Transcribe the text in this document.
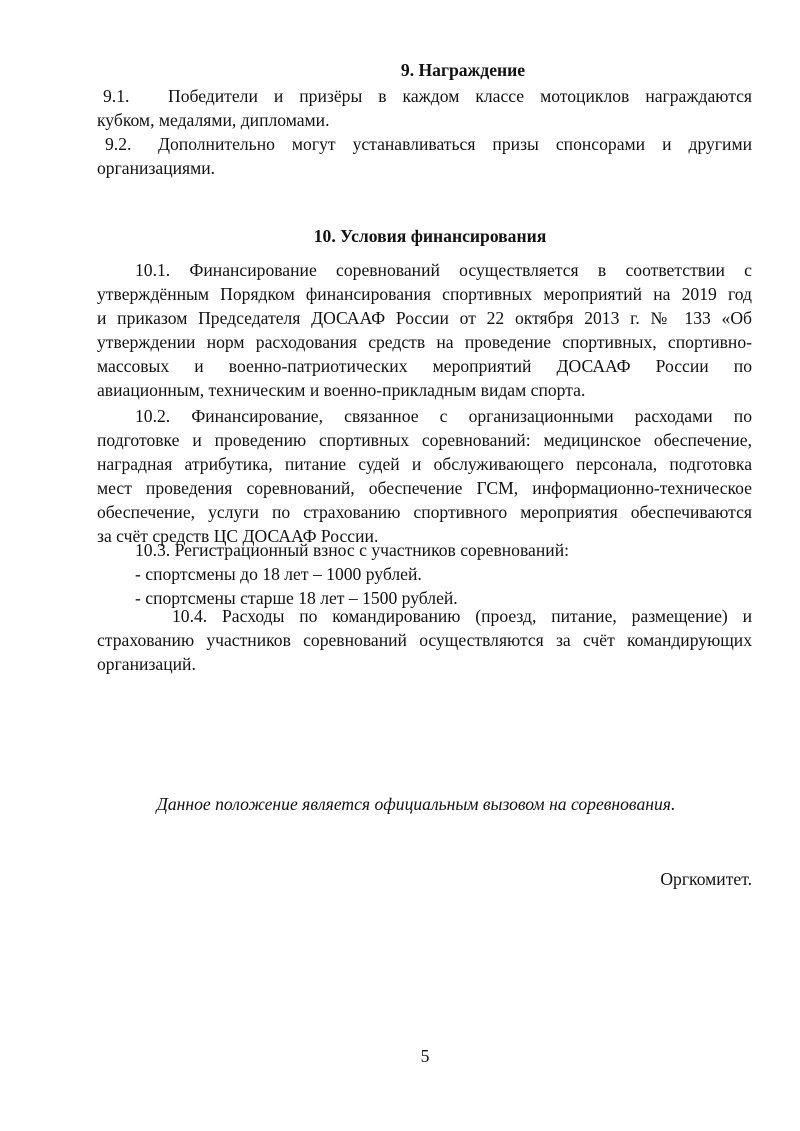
9. Награждение
9.1. Победители и призёры в каждом классе мотоциклов награждаются
кубком, медалями, дипломами.
9.2. Дополнительно могут устанавливаться призы спонсорами и другими
организациями.
10. Условия финансирования
10.1. Финансирование соревнований осуществляется в соответствии с
утверждённым Порядком финансирования спортивных мероприятий на 2019 год
и приказом Председателя ДОСААФ России от 22 октября 2013 г. № 133 «Об
утверждении норм расходования средств на проведение спортивных, спортивно-
массовых и военно-патриотических мероприятий ДОСААФ России по
авиационным, техническим и военно-прикладным видам спорта.
10.2. Финансирование, связанное с организационными расходами по
подготовке и проведению спортивных соревнований: медицинское обеспечение,
наградная атрибутика, питание судей и обслуживающего персонала, подготовка
мест проведения соревнований, обеспечение ГСМ, информационно-техническое
обеспечение, услуги по страхованию спортивного мероприятия обеспечиваются
за счёт средств ЦС ДОСААФ России.
10.3. Регистрационный взнос с участников соревнований:
- спортсмены до 18 лет – 1000 рублей.
- спортсмены старше 18 лет – 1500 рублей.
10.4. Расходы по командированию (проезд, питание, размещение) и
страхованию участников соревнований осуществляются за счёт командирующих
организаций.
Данное положение является официальным вызовом на соревнования.
Оргкомитет.
5
